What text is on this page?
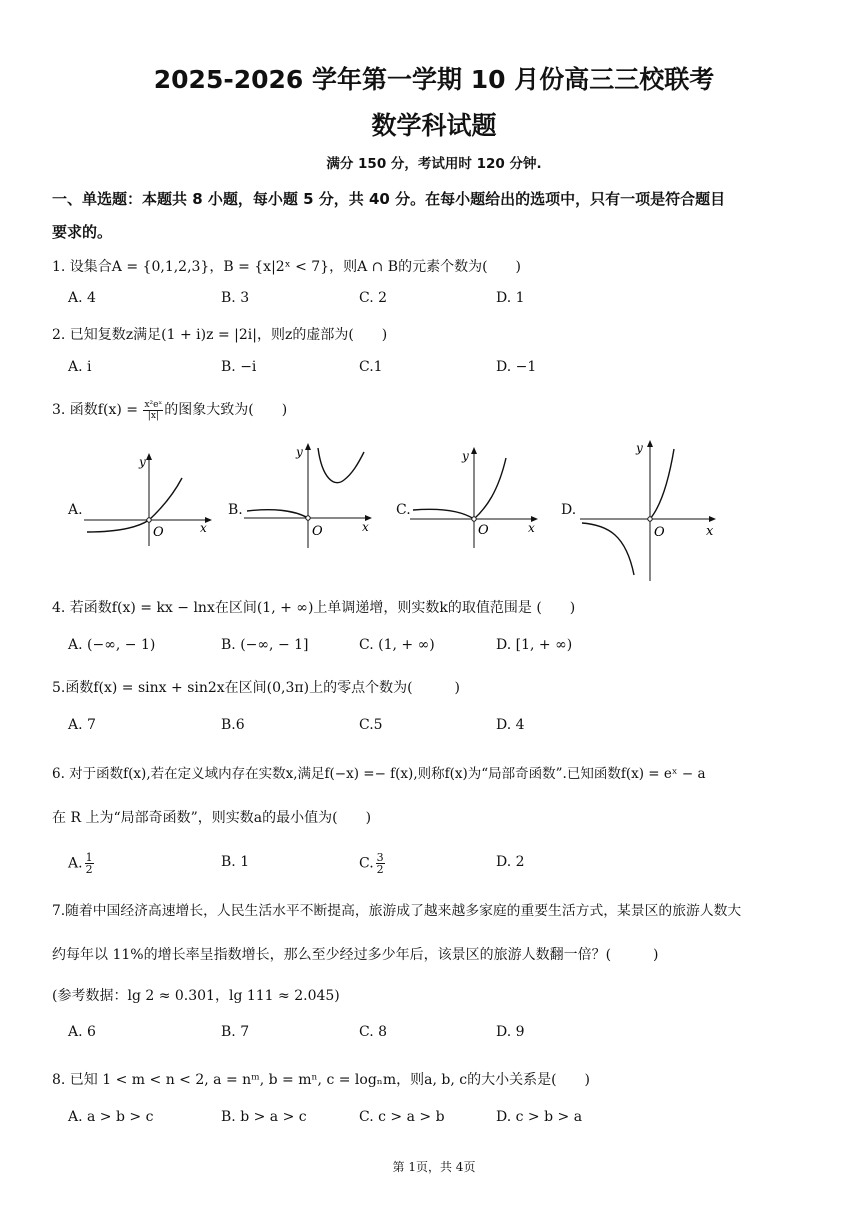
2025-2026 学年第一学期 10 月份高三三校联考
数学科试题
满分 150 分，考试用时 120 分钟.
一、单选题：本题共 8 小题，每小题 5 分，共 40 分。在每小题给出的选项中，只有一项是符合题目
要求的。
1. 设集合A = {0,1,2,3}，B = {x|2ˣ < 7}，则A ∩ B的元素个数为(　　)
A. 4	B. 3	C. 2	D. 1
2. 已知复数z满足(1 + i)z = |2i|，则z的虚部为(　　)
A. i	B. −i	C.1	D. −1
3. 函数$f(x) = \frac{\text{x²eˣ}}{|x|}$ 的图象大致为(　　)
A.	B.	C.	D.
y
x
O
y
x
O
y
x
O
y
x
O
4. 若函数f(x) = kx − lnx在区间(1, + ∞)上单调递增，则实数k的取值范围是 (　　)
A. (−∞, − 1)	B. (−∞, − 1]	C. (1, + ∞)	D. [1, + ∞)
5.函数f(x) = sinx + sin2x在区间(0,3π)上的零点个数为(　　　)
A. 7	B.6	C.5	D. 4
6. 对于函数f(x),若在定义域内存在实数x,满足f(−x) =− f(x),则称f(x)为“局部奇函数”.已知函数f(x) = eˣ − a
在 R 上为“局部奇函数”，则实数a的最小值为(　　)
A. $\frac{1}{2}$	B. 1	C. $\frac{3}{2}$	D. 2
7.随着中国经济高速增长，人民生活水平不断提高，旅游成了越来越多家庭的重要生活方式，某景区的旅游人数大
约每年以 11%的增长率呈指数增长，那么至少经过多少年后，该景区的旅游人数翻一倍？(　　　)
(参考数据：lg 2 ≈ 0.301，lg 111 ≈ 2.045)
A. 6	B. 7	C. 8	D. 9
8. 已知 1 < m < n < 2, a = nᵐ, b = mⁿ, c = logₙm，则a, b, c的大小关系是(　　)
A. a > b > c	B. b > a > c	C. c > a > b	D. c > b > a
第 1页，共 4页
